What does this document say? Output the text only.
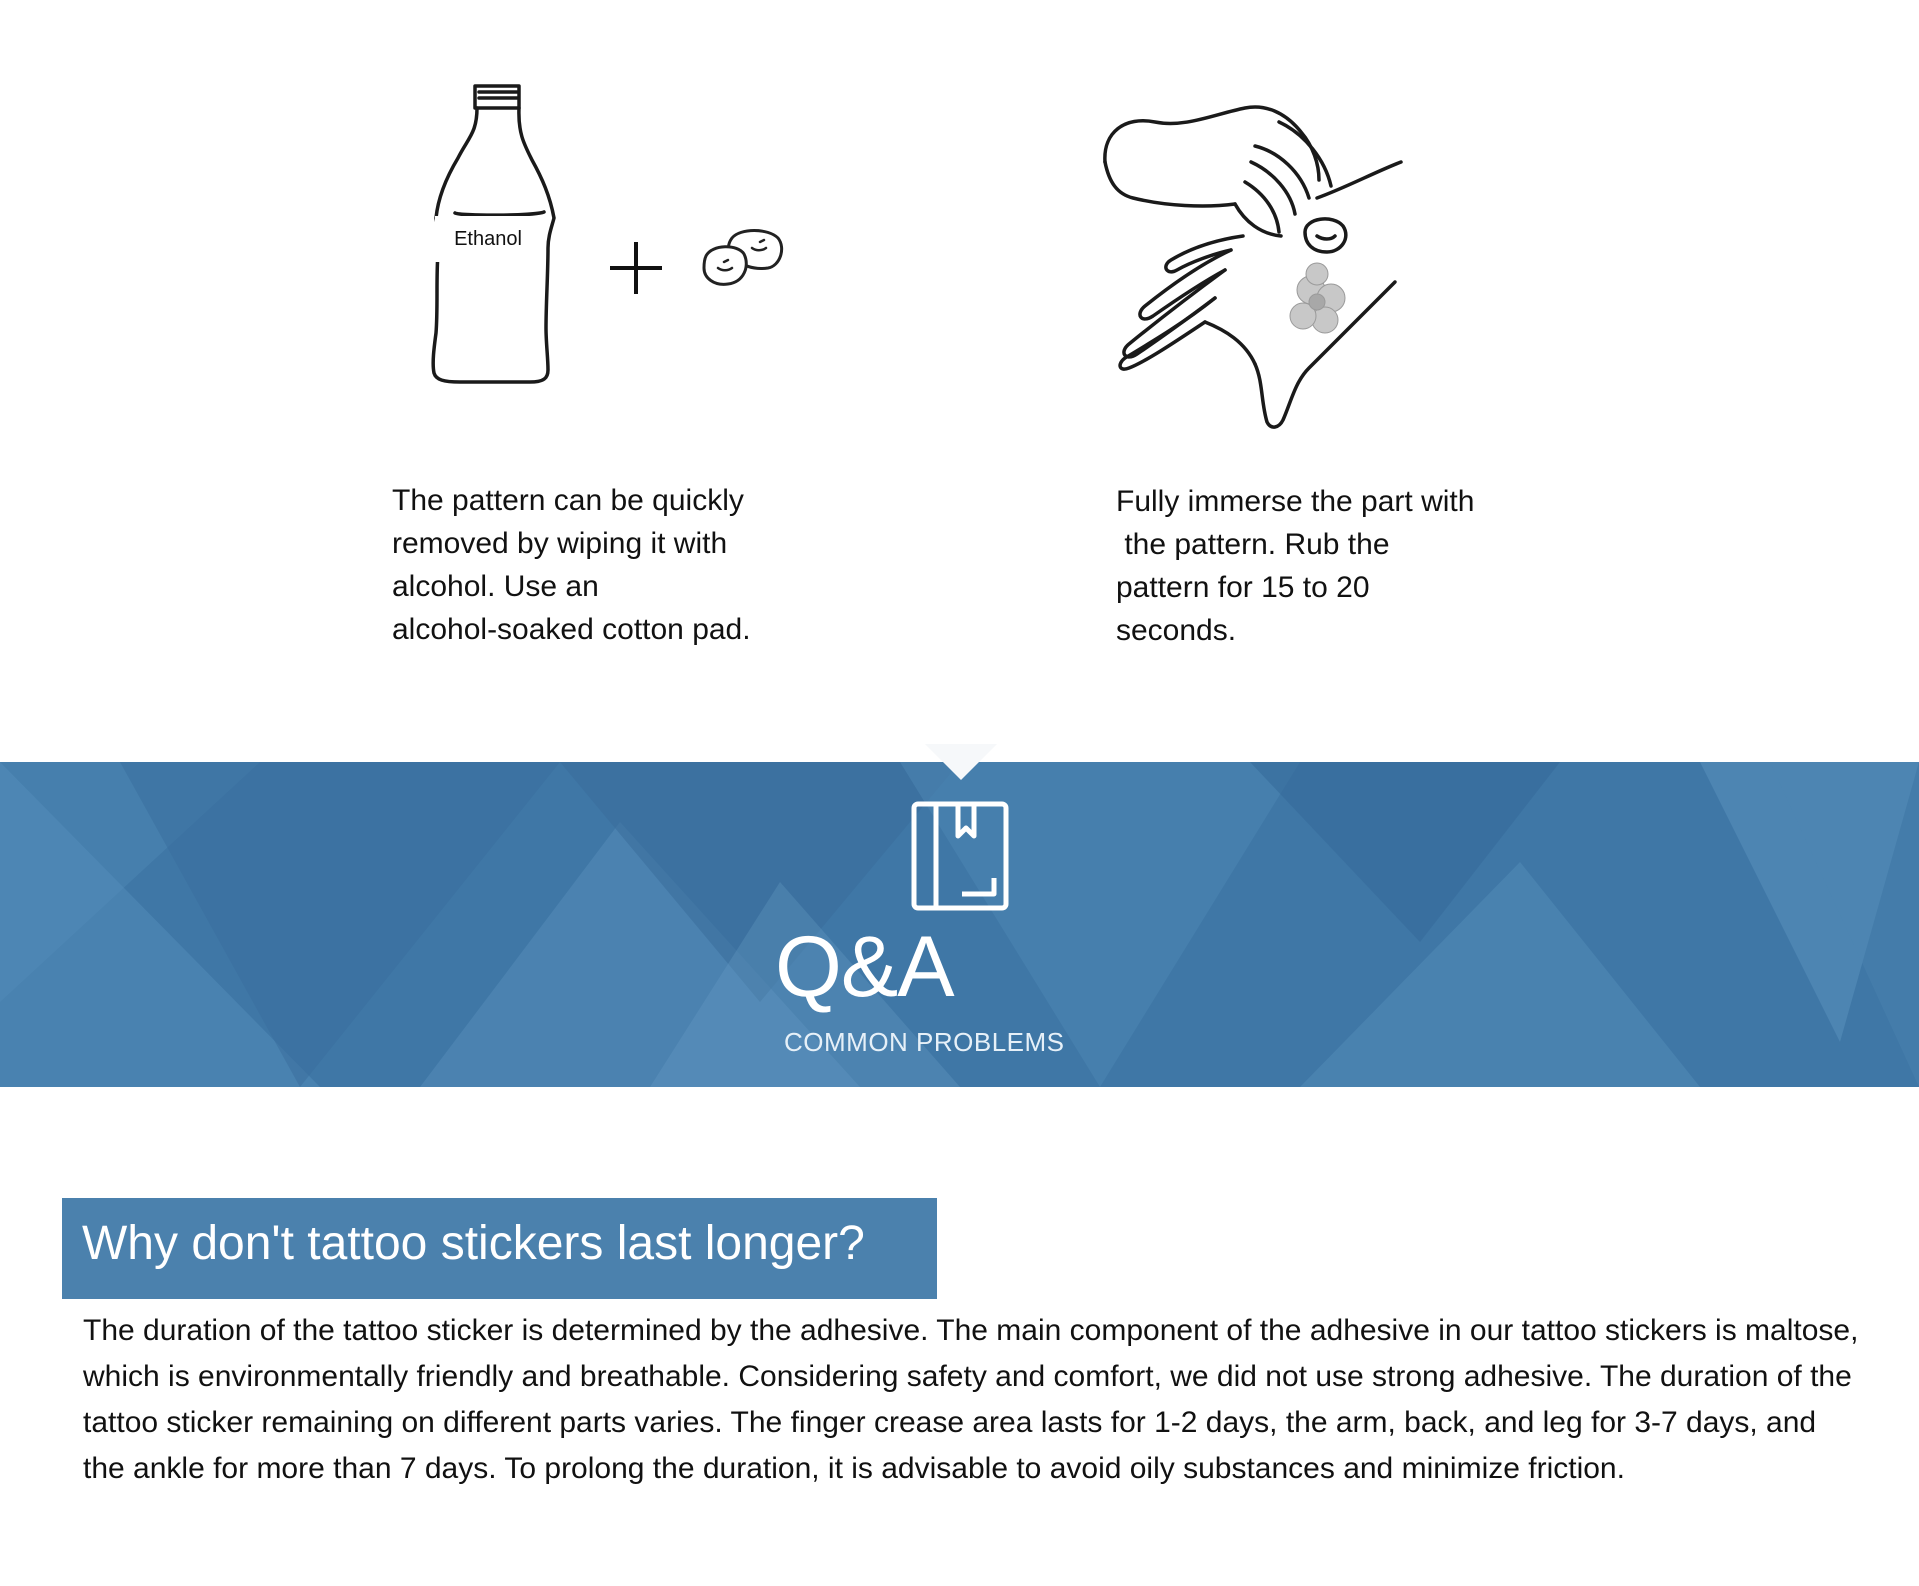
Ethanol
The pattern can be quickly
removed by wiping it with
alcohol. Use an
alcohol-soaked cotton pad.
Fully immerse the part with
the pattern. Rub the
pattern for 15 to 20
seconds.
Q&A
COMMON PROBLEMS
Why don't tattoo stickers last longer?
The duration of the tattoo sticker is determined by the adhesive. The main component of the adhesive in our tattoo stickers is maltose, which is environmentally friendly and breathable. Considering safety and comfort, we did not use strong adhesive. The duration of the tattoo sticker remaining on different parts varies. The finger crease area lasts for 1-2 days, the arm, back, and leg for 3-7 days, and the ankle for more than 7 days. To prolong the duration, it is advisable to avoid oily substances and minimize friction.
